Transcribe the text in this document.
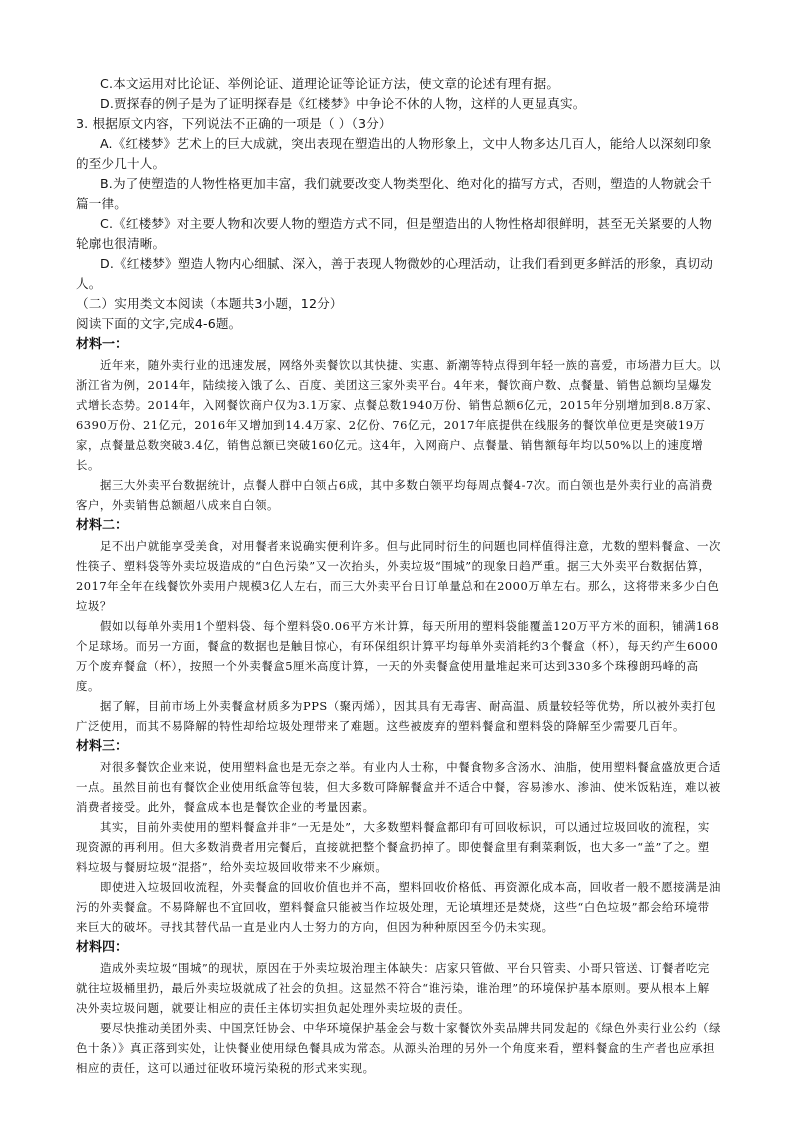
C.本文运用对比论证、举例论证、道理论证等论证方法，使文章的论述有理有据。

D.贾探春的例子是为了证明探春是《红楼梦》中争论不休的人物，这样的人更显真实。

3. 根据原文内容，下列说法不正确的一项是（ ）（3分）

A.《红楼梦》艺术上的巨大成就，突出表现在塑造出的人物形象上，文中人物多达几百人，能给人以深刻印象的至少几十人。

B.为了使塑造的人物性格更加丰富，我们就要改变人物类型化、绝对化的描写方式，否则，塑造的人物就会千篇一律。

C.《红楼梦》对主要人物和次要人物的塑造方式不同，但是塑造出的人物性格却很鲜明，甚至无关紧要的人物轮廓也很清晰。

D.《红楼梦》塑造人物内心细腻、深入，善于表现人物微妙的心理活动，让我们看到更多鲜活的形象，真切动人。

（二）实用类文本阅读（本题共3小题，12分）

阅读下面的文字,完成4-6题。

材料一：

近年来，随外卖行业的迅速发展，网络外卖餐饮以其快捷、实惠、新潮等特点得到年轻一族的喜爱，市场潜力巨大。以浙江省为例，2014年，陆续接入饿了么、百度、美团这三家外卖平台。4年来，餐饮商户数、点餐量、销售总额均呈爆发式增长态势。2014年，入网餐饮商户仅为3.1万家、点餐总数1940万份、销售总额6亿元，2015年分别增加到8.8万家、6390万份、21亿元，2016年又增加到14.4万家、2亿份、76亿元，2017年底提供在线服务的餐饮单位更是突破19万家，点餐量总数突破3.4亿，销售总额已突破160亿元。这4年，入网商户、点餐量、销售额每年均以50%以上的速度增长。

据三大外卖平台数据统计，点餐人群中白领占6成，其中多数白领平均每周点餐4-7次。而白领也是外卖行业的高消费客户，外卖销售总额超八成来自白领。

材料二：

足不出户就能享受美食，对用餐者来说确实便利许多。但与此同时衍生的问题也同样值得注意，尤数的塑料餐盒、一次性筷子、塑料袋等外卖垃圾造成的“白色污染”又一次抬头，外卖垃圾“围城”的现象日趋严重。据三大外卖平台数据估算，2017年全年在线餐饮外卖用户规模3亿人左右，而三大外卖平台日订单量总和在2000万单左右。那么，这将带来多少白色垃圾？

假如以每单外卖用1个塑料袋、每个塑料袋0.06平方米计算，每天所用的塑料袋能覆盖120万平方米的面积，铺满168个足球场。而另一方面，餐盒的数据也是触目惊心，有环保组织计算平均每单外卖消耗约3个餐盒（杯），每天约产生6000万个废弃餐盒（杯），按照一个外卖餐盒5厘米高度计算，一天的外卖餐盒使用量堆起来可达到330多个珠穆朗玛峰的高度。

据了解，目前市场上外卖餐盒材质多为PPS（聚丙烯），因其具有无毒害、耐高温、质量较轻等优势，所以被外卖打包广泛使用，而其不易降解的特性却给垃圾处理带来了难题。这些被废弃的塑料餐盒和塑料袋的降解至少需要几百年。

材料三：

对很多餐饮企业来说，使用塑料盒也是无奈之举。有业内人士称，中餐食物多含汤水、油脂，使用塑料餐盒盛放更合适一点。虽然目前也有餐饮企业使用纸盒等包装，但大多数可降解餐盒并不适合中餐，容易渗水、渗油、使米饭粘连，难以被消费者接受。此外，餐盒成本也是餐饮企业的考量因素。

其实，目前外卖使用的塑料餐盒并非“一无是处”，大多数塑料餐盒都印有可回收标识，可以通过垃圾回收的流程，实现资源的再利用。但大多数消费者用完餐后，直接就把整个餐盒扔掉了。即使餐盒里有剩菜剩饭，也大多一“盖”了之。塑料垃圾与餐厨垃圾“混搭”，给外卖垃圾回收带来不少麻烦。

即使进入垃圾回收流程，外卖餐盒的回收价值也并不高，塑料回收价格低、再资源化成本高，回收者一般不愿接满是油污的外卖餐盒。不易降解也不宜回收，塑料餐盒只能被当作垃圾处理，无论填埋还是焚烧，这些“白色垃圾”都会给环境带来巨大的破坏。寻找其替代品一直是业内人士努力的方向，但因为种种原因至今仍未实现。

材料四：

造成外卖垃圾“围城”的现状，原因在于外卖垃圾治理主体缺失：店家只管做、平台只管卖、小哥只管送、订餐者吃完就往垃圾桶里扔，最后外卖垃圾就成了社会的负担。这显然不符合“谁污染，谁治理”的环境保护基本原则。要从根本上解决外卖垃圾问题，就要让相应的责任主体切实担负起处理外卖垃圾的责任。

要尽快推动美团外卖、中国烹饪协会、中华环境保护基金会与数十家餐饮外卖品牌共同发起的《绿色外卖行业公约（绿色十条）》真正落到实处，让快餐业使用绿色餐具成为常态。从源头治理的另外一个角度来看，塑料餐盒的生产者也应承担相应的责任，这可以通过征收环境污染税的形式来实现。
